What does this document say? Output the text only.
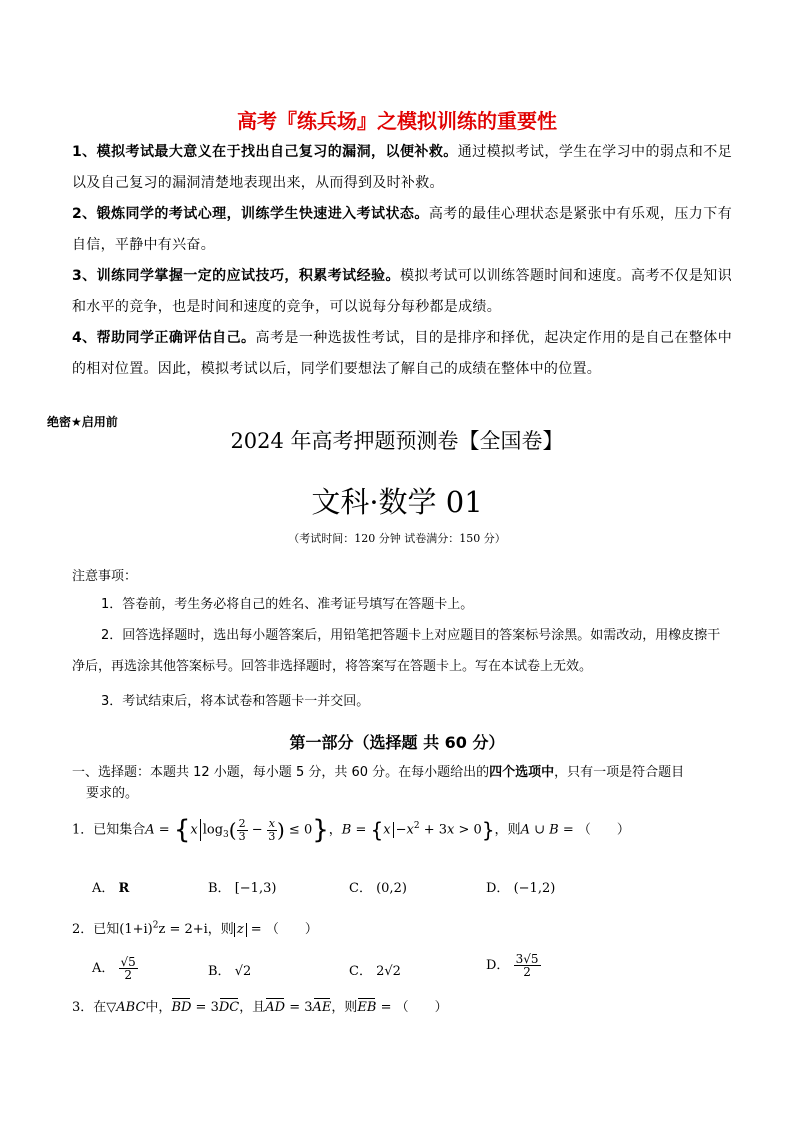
高考『练兵场』之模拟训练的重要性
1、模拟考试最大意义在于找出自己复习的漏洞，以便补救。通过模拟考试，学生在学习中的弱点和不足以及自己复习的漏洞清楚地表现出来，从而得到及时补救。
2、锻炼同学的考试心理，训练学生快速进入考试状态。高考的最佳心理状态是紧张中有乐观，压力下有自信，平静中有兴奋。
3、训练同学掌握一定的应试技巧，积累考试经验。模拟考试可以训练答题时间和速度。高考不仅是知识和水平的竞争，也是时间和速度的竞争，可以说每分每秒都是成绩。
4、帮助同学正确评估自己。高考是一种选拔性考试，目的是排序和择优，起决定作用的是自己在整体中的相对位置。因此，模拟考试以后，同学们要想法了解自己的成绩在整体中的位置。
绝密★启用前
2024 年高考押题预测卷【全国卷】
文科·数学 01
（考试时间：120 分钟 试卷满分：150 分）
注意事项：
1．答卷前，考生务必将自己的姓名、准考证号填写在答题卡上。
2．回答选择题时，选出每小题答案后，用铅笔把答题卡上对应题目的答案标号涂黑。如需改动，用橡皮擦干净后，再选涂其他答案标号。回答非选择题时，将答案写在答题卡上。写在本试卷上无效。
3．考试结束后，将本试卷和答题卡一并交回。
第一部分（选择题 共 60 分）
一、选择题：本题共 12 小题，每小题 5 分，共 60 分。在每小题给出的四个选项中，只有一项是符合题目
要求的。
1．已知集合A = {x $\log_3( \frac{2}{3} - \frac{x}{3}$ ) ≤ 0}，$B = \{x -x^2 + 3x > 0\}$，则A ∪ B = （　　）
A． R	B． [−1,3)	C． (0,2)	D． (−1,2)
2．已知$(1+i)^2z = 2+i$，则 z = （　　）
A． $\frac{√5}{2}$	B． √2	C． 2√2	D． $\frac{3√5}{2}$
3．在▽ABC中，BD = 3DC，且AD = 3AE，则EB = （　　）
